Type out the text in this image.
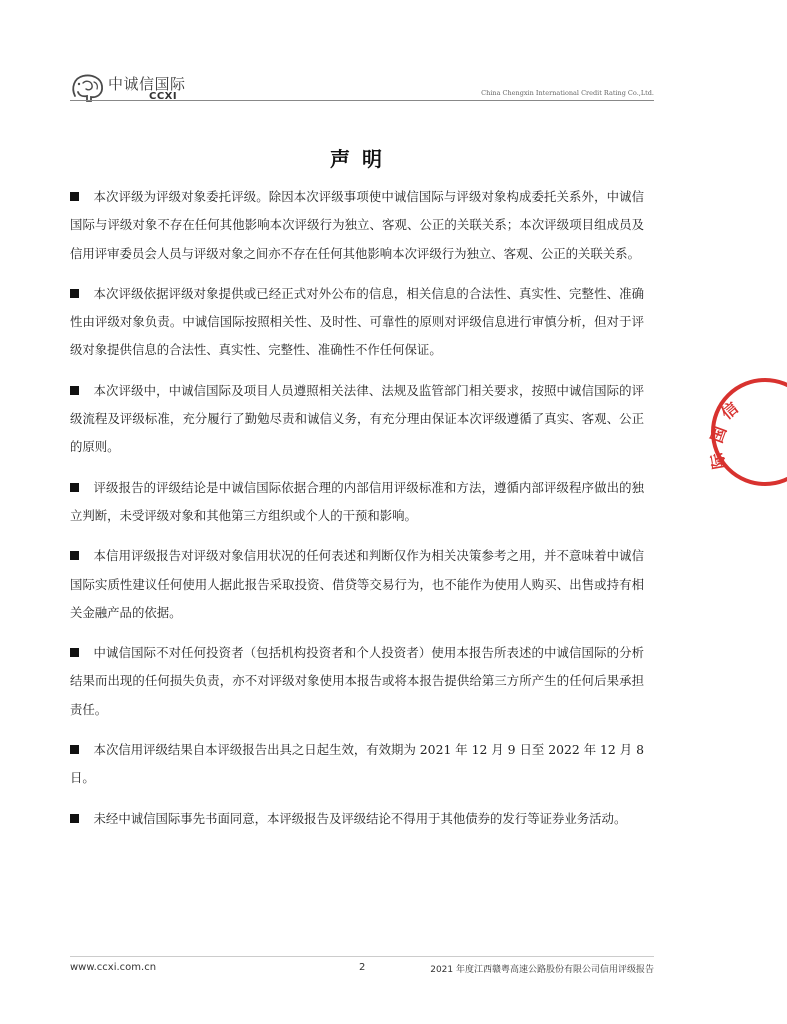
中诚信国际
CCXI	China Chengxin International Credit Rating Co.,Ltd.
声明
信
国
际
本次评级为评级对象委托评级。除因本次评级事项使中诚信国际与评级对象构成委托关系外，中诚信国际与评级对象不存在任何其他影响本次评级行为独立、客观、公正的关联关系；本次评级项目组成员及信用评审委员会人员与评级对象之间亦不存在任何其他影响本次评级行为独立、客观、公正的关联关系。
本次评级依据评级对象提供或已经正式对外公布的信息，相关信息的合法性、真实性、完整性、准确性由评级对象负责。中诚信国际按照相关性、及时性、可靠性的原则对评级信息进行审慎分析，但对于评级对象提供信息的合法性、真实性、完整性、准确性不作任何保证。
本次评级中，中诚信国际及项目人员遵照相关法律、法规及监管部门相关要求，按照中诚信国际的评级流程及评级标准，充分履行了勤勉尽责和诚信义务，有充分理由保证本次评级遵循了真实、客观、公正的原则。
评级报告的评级结论是中诚信国际依据合理的内部信用评级标准和方法，遵循内部评级程序做出的独立判断，未受评级对象和其他第三方组织或个人的干预和影响。
本信用评级报告对评级对象信用状况的任何表述和判断仅作为相关决策参考之用，并不意味着中诚信国际实质性建议任何使用人据此报告采取投资、借贷等交易行为，也不能作为使用人购买、出售或持有相关金融产品的依据。
中诚信国际不对任何投资者（包括机构投资者和个人投资者）使用本报告所表述的中诚信国际的分析结果而出现的任何损失负责，亦不对评级对象使用本报告或将本报告提供给第三方所产生的任何后果承担责任。
本次信用评级结果自本评级报告出具之日起生效，有效期为 2021 年 12 月 9 日至 2022 年 12 月 8 日。
未经中诚信国际事先书面同意，本评级报告及评级结论不得用于其他债券的发行等证券业务活动。
www.ccxi.com.cn	2	2021 年度江西赣粤高速公路股份有限公司信用评级报告
